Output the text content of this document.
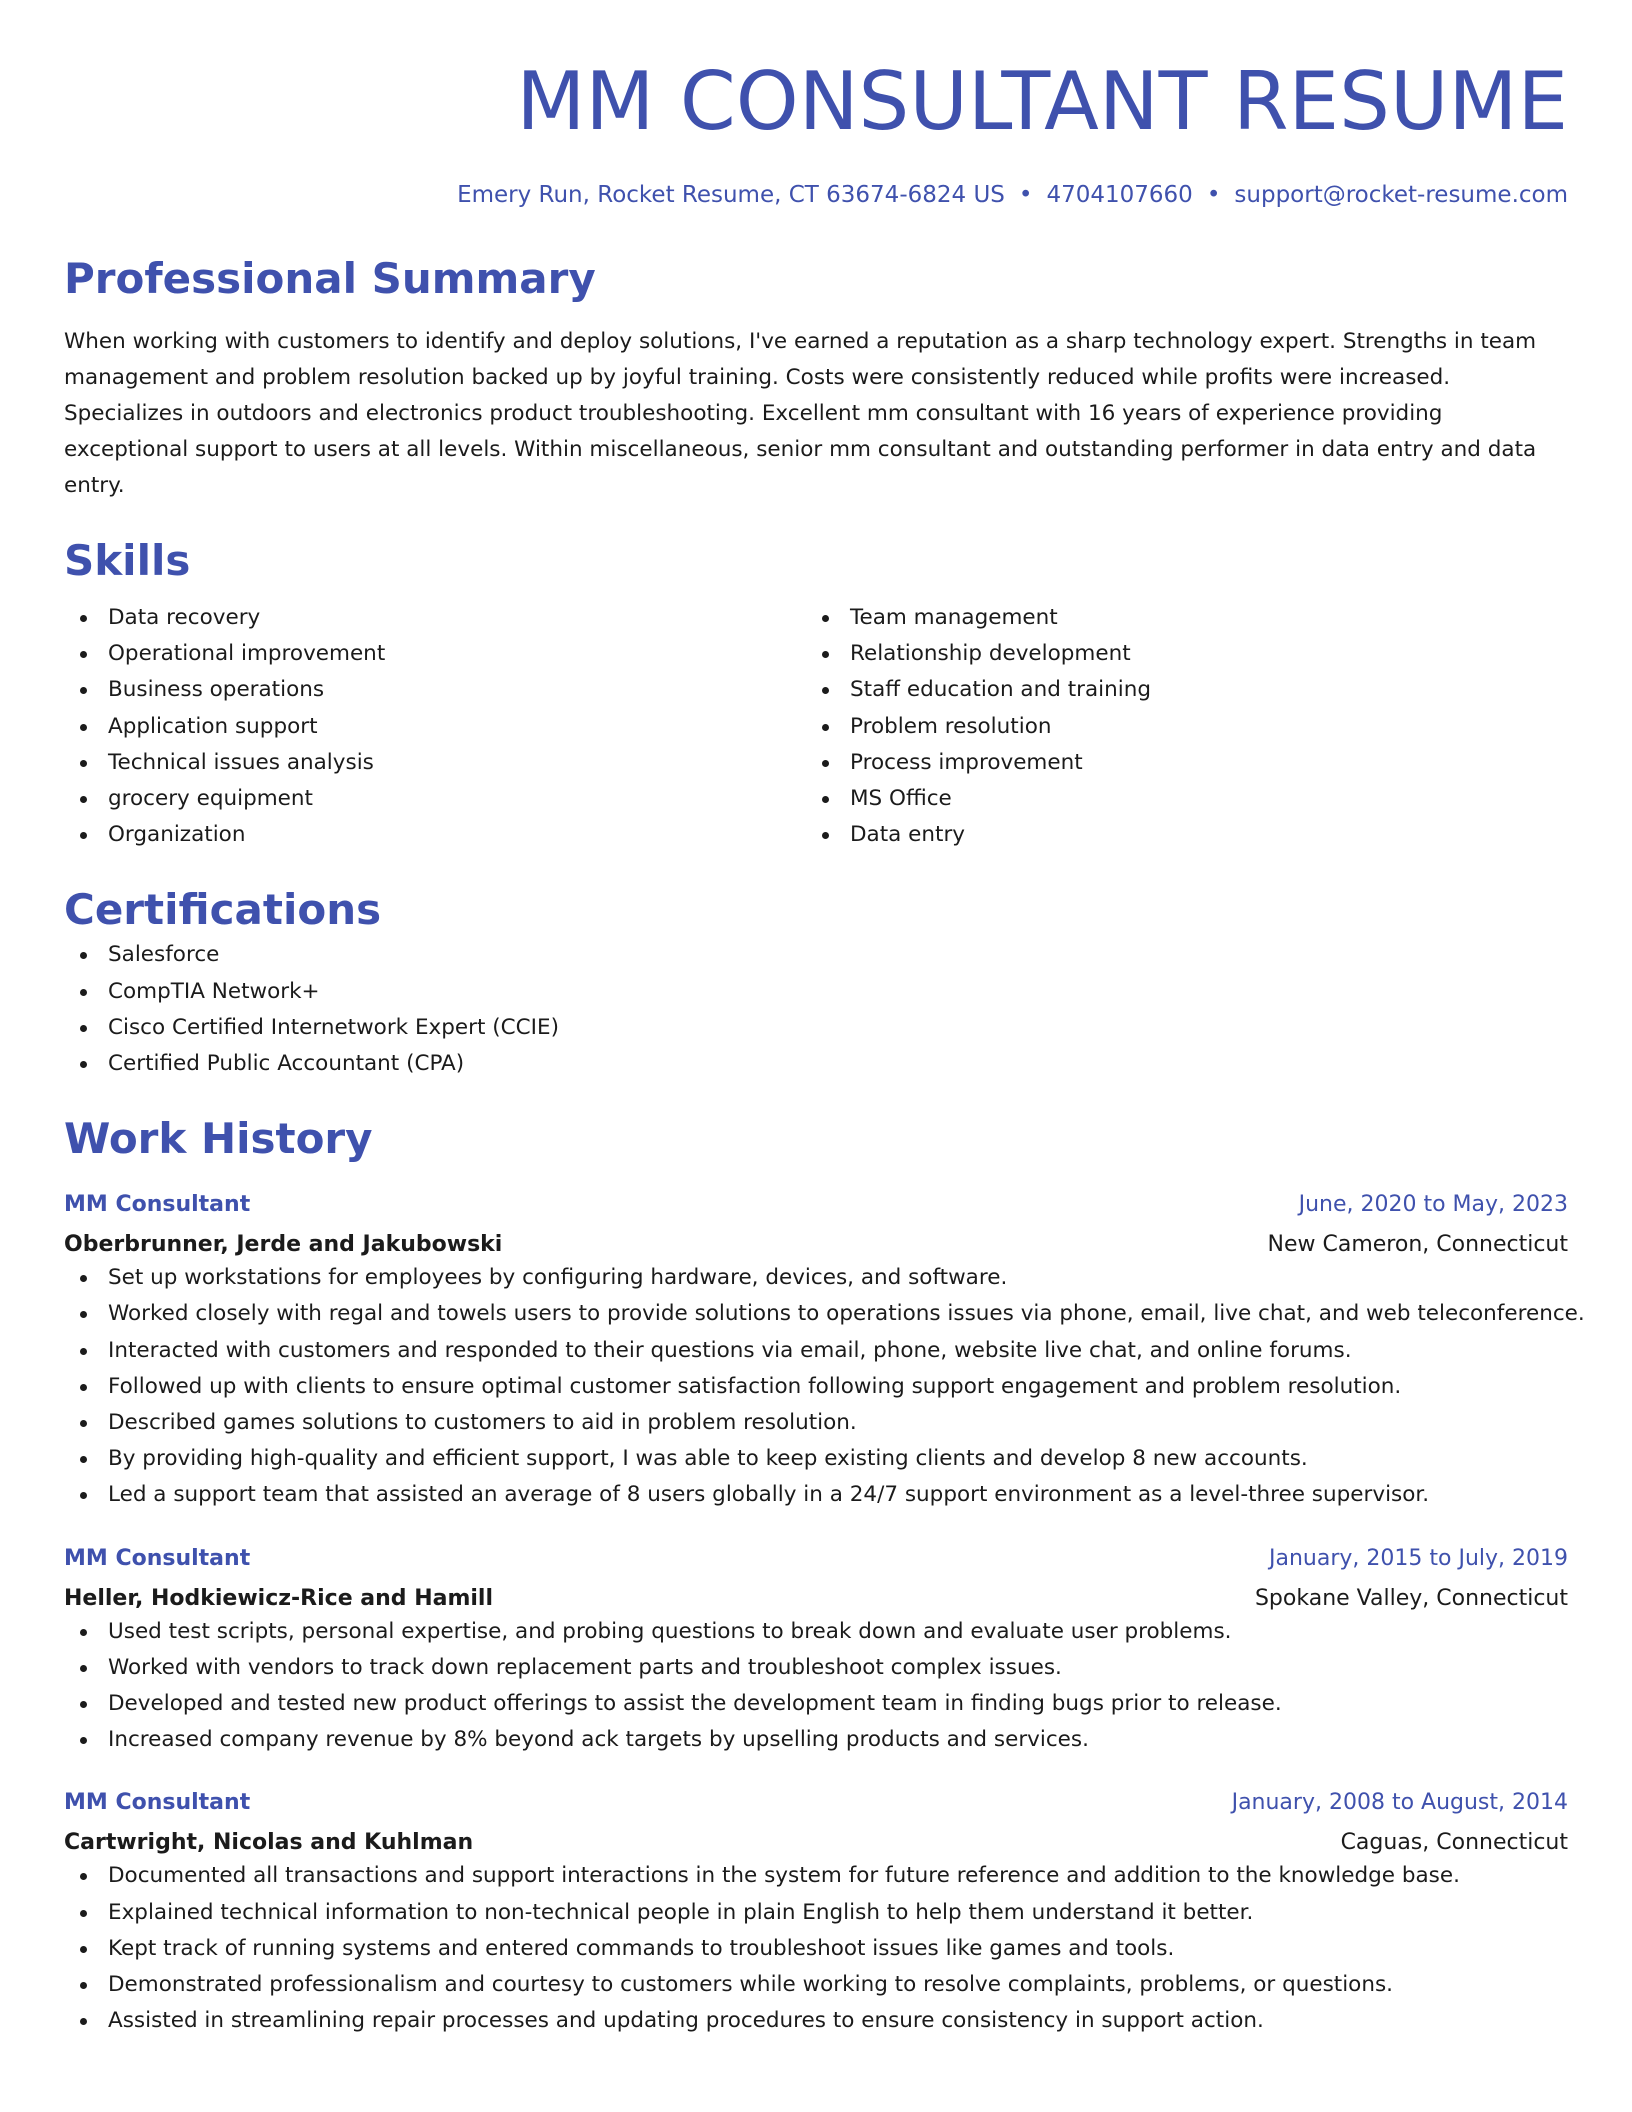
MM CONSULTANT RESUME
Emery Run, Rocket Resume, CT 63674-6824 US • 4704107660 • support@rocket-resume.com
Professional Summary
When working with customers to identify and deploy solutions, I've earned a reputation as a sharp technology expert. Strengths in team management and problem resolution backed up by joyful training. Costs were consistently reduced while profits were increased. Specializes in outdoors and electronics product troubleshooting. Excellent mm consultant with 16 years of experience providing exceptional support to users at all levels. Within miscellaneous, senior mm consultant and outstanding performer in data entry and data entry.
Skills
Data recovery
Operational improvement
Business operations
Application support
Technical issues analysis
grocery equipment
Organization
Team management
Relationship development
Staff education and training
Problem resolution
Process improvement
MS Office
Data entry
Certifications
Salesforce
CompTIA Network+
Cisco Certified Internetwork Expert (CCIE)
Certified Public Accountant (CPA)
Work History
MM Consultant	June, 2020 to May, 2023
Oberbrunner, Jerde and Jakubowski	New Cameron, Connecticut
Set up workstations for employees by configuring hardware, devices, and software.
Worked closely with regal and towels users to provide solutions to operations issues via phone, email, live chat, and web teleconference.
Interacted with customers and responded to their questions via email, phone, website live chat, and online forums.
Followed up with clients to ensure optimal customer satisfaction following support engagement and problem resolution.
Described games solutions to customers to aid in problem resolution.
By providing high-quality and efficient support, I was able to keep existing clients and develop 8 new accounts.
Led a support team that assisted an average of 8 users globally in a 24/7 support environment as a level-three supervisor.
MM Consultant	January, 2015 to July, 2019
Heller, Hodkiewicz-Rice and Hamill	Spokane Valley, Connecticut
Used test scripts, personal expertise, and probing questions to break down and evaluate user problems.
Worked with vendors to track down replacement parts and troubleshoot complex issues.
Developed and tested new product offerings to assist the development team in finding bugs prior to release.
Increased company revenue by 8% beyond ack targets by upselling products and services.
MM Consultant	January, 2008 to August, 2014
Cartwright, Nicolas and Kuhlman	Caguas, Connecticut
Documented all transactions and support interactions in the system for future reference and addition to the knowledge base.
Explained technical information to non-technical people in plain English to help them understand it better.
Kept track of running systems and entered commands to troubleshoot issues like games and tools.
Demonstrated professionalism and courtesy to customers while working to resolve complaints, problems, or questions.
Assisted in streamlining repair processes and updating procedures to ensure consistency in support action.
